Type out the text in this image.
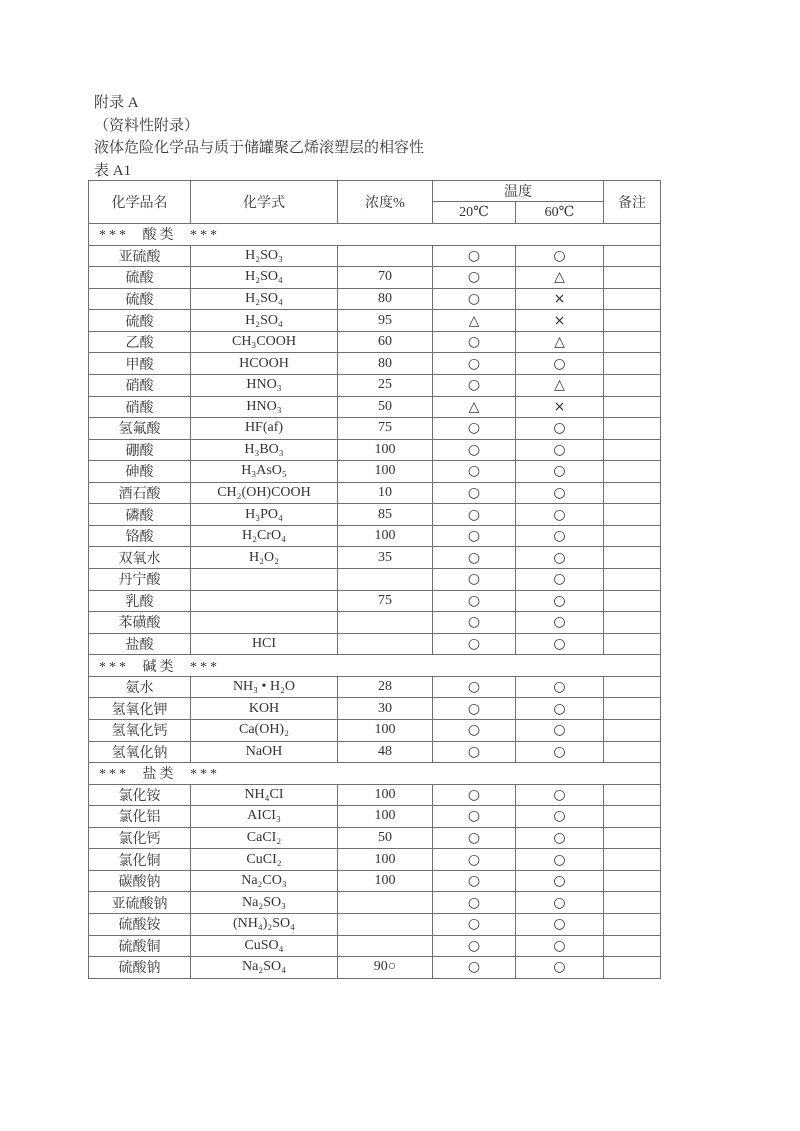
附录 A
（资料性附录）
液体危险化学品与质于储罐聚乙烯滚塑层的相容性
表 A1
化学品名	化学式	浓度%	温度		备注
			20℃	60℃	
*** 酸类 ***					
亚硫酸	H₂SO₃		○	○	
硫酸	H₂SO₄	70	○	△	
硫酸	H₂SO₄	80	○	×	
硫酸	H₂SO₄	95	△	×	
乙酸	CH₃COOH	60	○	△	
甲酸	HCOOH	80	○	○	
硝酸	HNO₃	25	○	△	
硝酸	HNO₃	50	△	×	
氢氟酸	HF(af)	75	○	○	
硼酸	H₃BO₃	100	○	○	
砷酸	H₃AsO₅	100	○	○	
酒石酸	CH₂(OH)COOH	10	○	○	
磷酸	H₃PO₄	85	○	○	
铬酸	H₂CrO₄	100	○	○	
双氧水	H₂O₂	35	○	○	
丹宁酸			○	○	
乳酸		75	○	○	
苯磺酸			○	○	
盐酸	HCI		○	○	
*** 碱类 ***					
氨水	NH₃ • H₂O	28	○	○	
氢氧化钾	KOH	30	○	○	
氢氧化钙	Ca(OH)₂	100	○	○	
氢氧化钠	NaOH	48	○	○	
*** 盐类 ***					
氯化铵	NH₄CI	100	○	○	
氯化铝	AICI₃	100	○	○	
氯化钙	CaCI₂	50	○	○	
氯化铜	CuCI₂	100	○	○	
碳酸钠	Na₂CO₃	100	○	○	
亚硫酸钠	Na₂SO₃		○	○	
硫酸铵	(NH₄)₂SO₄		○	○	
硫酸铜	CuSO₄		○	○	
硫酸钠	Na₂SO₄	90○	○	○	
